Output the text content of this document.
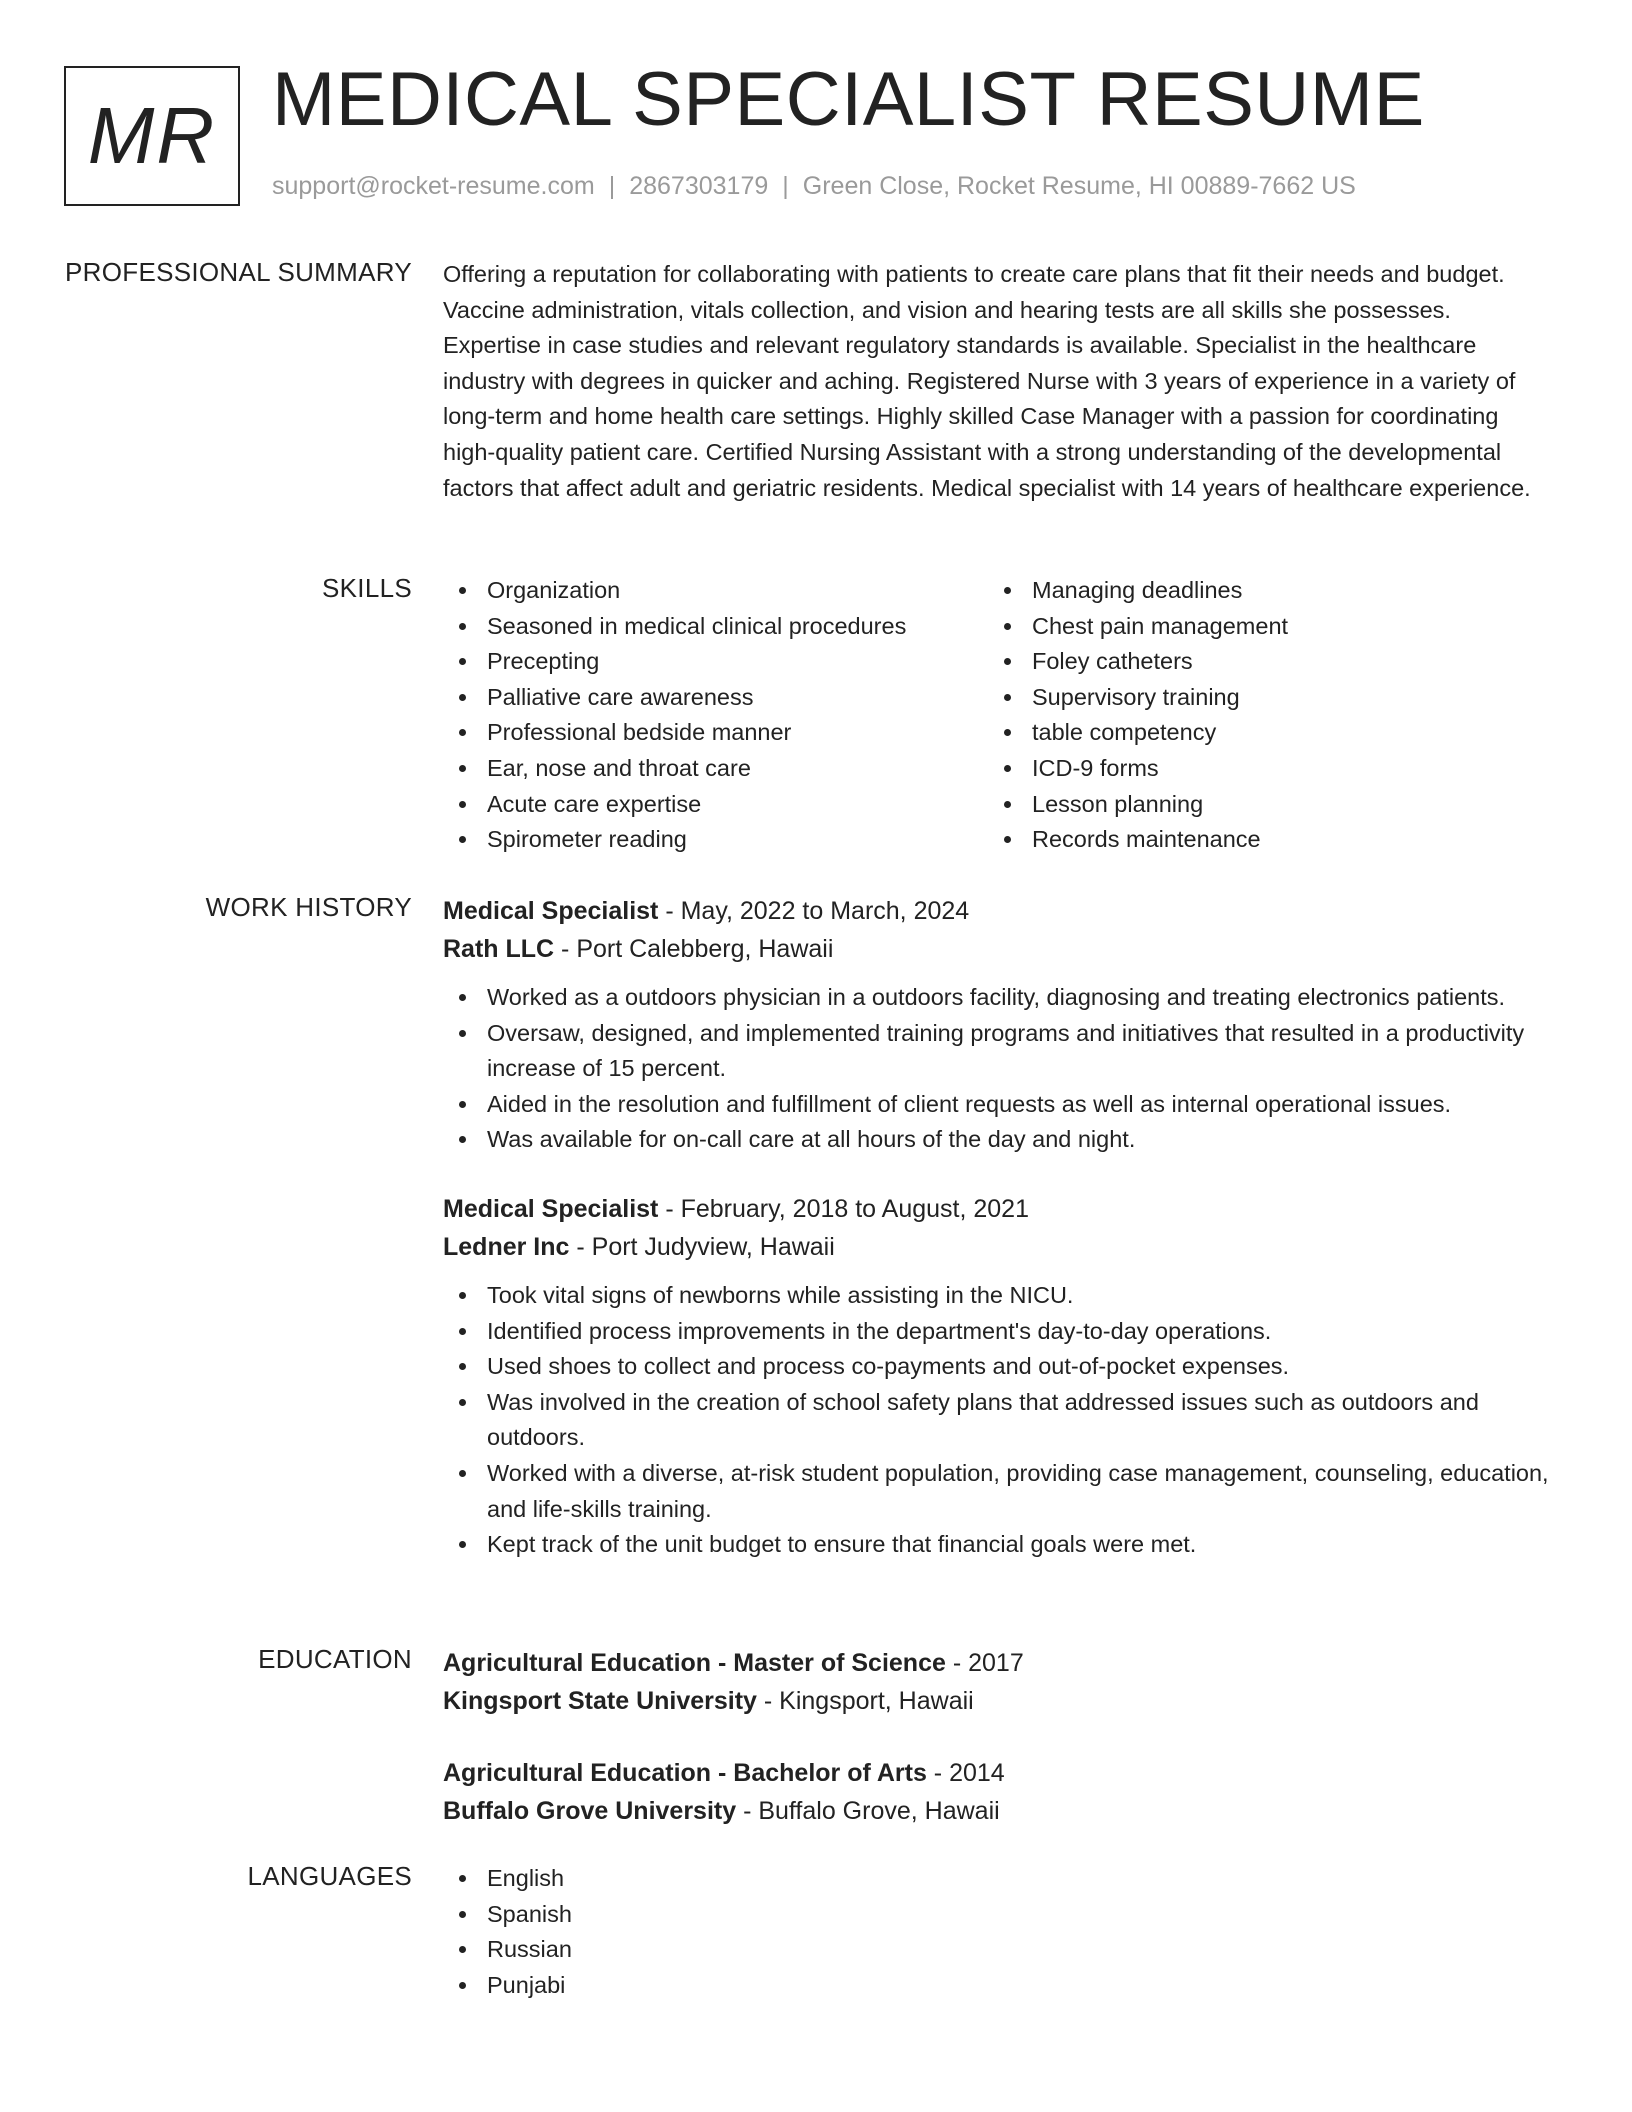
MR MEDICAL SPECIALIST RESUME
support@rocket-resume.com | 2867303179 | Green Close, Rocket Resume, HI 00889-7662 US
PROFESSIONAL SUMMARY Offering a reputation for collaborating with patients to create care plans that fit their needs and budget. Vaccine administration, vitals collection, and vision and hearing tests are all skills she possesses. Expertise in case studies and relevant regulatory standards is available. Specialist in the healthcare industry with degrees in quicker and aching. Registered Nurse with 3 years of experience in a variety of long-term and home health care settings. Highly skilled Case Manager with a passion for coordinating high-quality patient care. Certified Nursing Assistant with a strong understanding of the developmental factors that affect adult and geriatric residents. Medical specialist with 14 years of healthcare experience.

SKILLS	Organization
Seasoned in medical clinical procedures
Precepting
Palliative care awareness
Professional bedside manner
Ear, nose and throat care
Acute care expertise
Spirometer reading
Managing deadlines
Chest pain management
Foley catheters
Supervisory training
table competency
ICD-9 forms
Lesson planning
Records maintenance
WORK HISTORY Medical Specialist - May, 2022 to March, 2024
Rath LLC - Port Calebberg, Hawaii
Worked as a outdoors physician in a outdoors facility, diagnosing and treating electronics patients.
Oversaw, designed, and implemented training programs and initiatives that resulted in a productivity increase of 15 percent.
Aided in the resolution and fulfillment of client requests as well as internal operational issues.
Was available for on-call care at all hours of the day and night.
Medical Specialist - February, 2018 to August, 2021
Ledner Inc - Port Judyview, Hawaii
Took vital signs of newborns while assisting in the NICU.
Identified process improvements in the department's day-to-day operations.
Used shoes to collect and process co-payments and out-of-pocket expenses.
Was involved in the creation of school safety plans that addressed issues such as outdoors and outdoors.
Worked with a diverse, at-risk student population, providing case management, counseling, education, and life-skills training.
Kept track of the unit budget to ensure that financial goals were met.
EDUCATION Agricultural Education - Master of Science - 2017
Kingsport State University - Kingsport, Hawaii
Agricultural Education - Bachelor of Arts - 2014
Buffalo Grove University - Buffalo Grove, Hawaii
LANGUAGES	English
Spanish
Russian
Punjabi
